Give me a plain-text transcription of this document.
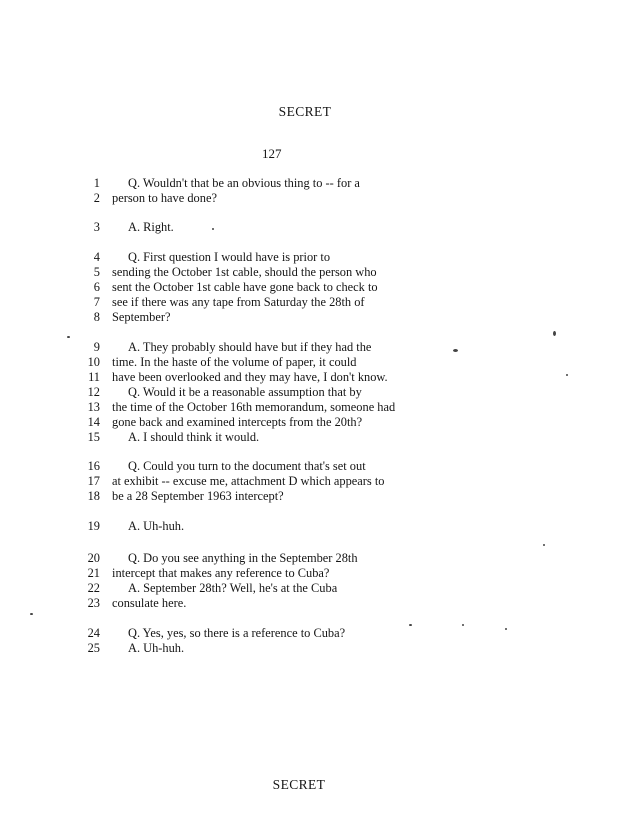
SECRET
127
1 Q. Wouldn't that be an obvious thing to -- for a
2 person to have done?
3 A. Right.
4 Q. First question I would have is prior to
5 sending the October 1st cable, should the person who
6 sent the October 1st cable have gone back to check to
7 see if there was any tape from Saturday the 28th of
8 September?
9 A. They probably should have but if they had the
10 time. In the haste of the volume of paper, it could
11 have been overlooked and they may have, I don't know.
12 Q. Would it be a reasonable assumption that by
13 the time of the October 16th memorandum, someone had
14 gone back and examined intercepts from the 20th?
15 A. I should think it would.
16 Q. Could you turn to the document that's set out
17 at exhibit -- excuse me, attachment D which appears to
18 be a 28 September 1963 intercept?
19 A. Uh-huh.
20 Q. Do you see anything in the September 28th
21 intercept that makes any reference to Cuba?
22 A. September 28th? Well, he's at the Cuba
23 consulate here.
24 Q. Yes, yes, so there is a reference to Cuba?
25 A. Uh-huh.
SECRET
